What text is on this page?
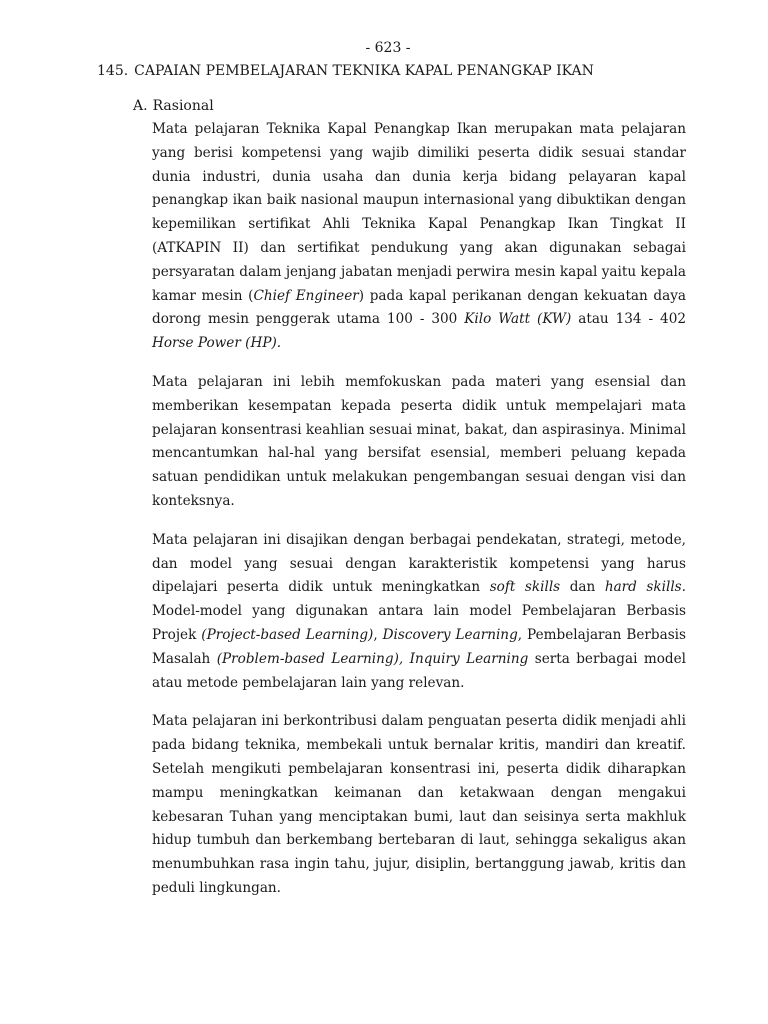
- 623 -
145. CAPAIAN PEMBELAJARAN TEKNIKA KAPAL PENANGKAP IKAN
A. Rasional

Mata pelajaran Teknika Kapal Penangkap Ikan merupakan mata pelajaran yang berisi kompetensi yang wajib dimiliki peserta didik sesuai standar dunia industri, dunia usaha dan dunia kerja bidang pelayaran kapal penangkap ikan baik nasional maupun internasional yang dibuktikan dengan kepemilikan sertifikat Ahli Teknika Kapal Penangkap Ikan Tingkat II (ATKAPIN II) dan sertifikat pendukung yang akan digunakan sebagai persyaratan dalam jenjang jabatan menjadi perwira mesin kapal yaitu kepala kamar mesin (Chief Engineer) pada kapal perikanan dengan kekuatan daya dorong mesin penggerak utama 100 - 300 Kilo Watt (KW) atau 134 - 402 Horse Power (HP).

Mata pelajaran ini lebih memfokuskan pada materi yang esensial dan memberikan kesempatan kepada peserta didik untuk mempelajari mata pelajaran konsentrasi keahlian sesuai minat, bakat, dan aspirasinya. Minimal mencantumkan hal-hal yang bersifat esensial, memberi peluang kepada satuan pendidikan untuk melakukan pengembangan sesuai dengan visi dan konteksnya.

Mata pelajaran ini disajikan dengan berbagai pendekatan, strategi, metode, dan model yang sesuai dengan karakteristik kompetensi yang harus dipelajari peserta didik untuk meningkatkan soft skills dan hard skills. Model-model yang digunakan antara lain model Pembelajaran Berbasis Projek (Project-based Learning), Discovery Learning, Pembelajaran Berbasis Masalah (Problem-based Learning), Inquiry Learning serta berbagai model atau metode pembelajaran lain yang relevan.

Mata pelajaran ini berkontribusi dalam penguatan peserta didik menjadi ahli pada bidang teknika, membekali untuk bernalar kritis, mandiri dan kreatif. Setelah mengikuti pembelajaran konsentrasi ini, peserta didik diharapkan mampu meningkatkan keimanan dan ketakwaan dengan mengakui kebesaran Tuhan yang menciptakan bumi, laut dan seisinya serta makhluk hidup tumbuh dan berkembang bertebaran di laut, sehingga sekaligus akan menumbuhkan rasa ingin tahu, jujur, disiplin, bertanggung jawab, kritis dan peduli lingkungan.
